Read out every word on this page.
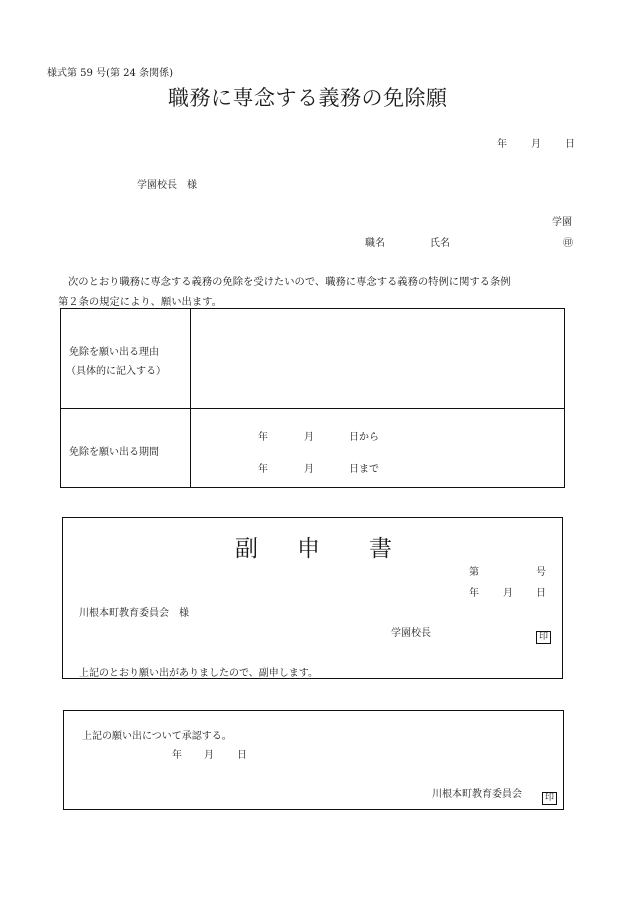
様式第 59 号(第 24 条関係)
職務に専念する義務の免除願
年 月 日
学園校長　様
学園
職名	氏名	㊞
次のとおり職務に専念する義務の免除を受けたいので、職務に専念する義務の特例に関する条例
第２条の規定により、願い出ます。
免除を願い出る理由
（具体的に記入する）
免除を願い出る期間
年	月	日から
年	月	日まで
副 申 書
第	号
年 月 日
川根本町教育委員会　様
学園校長	印
上記のとおり願い出がありましたので、副申します。
上記の願い出について承認する。
年 月 日
川根本町教育委員会	印
